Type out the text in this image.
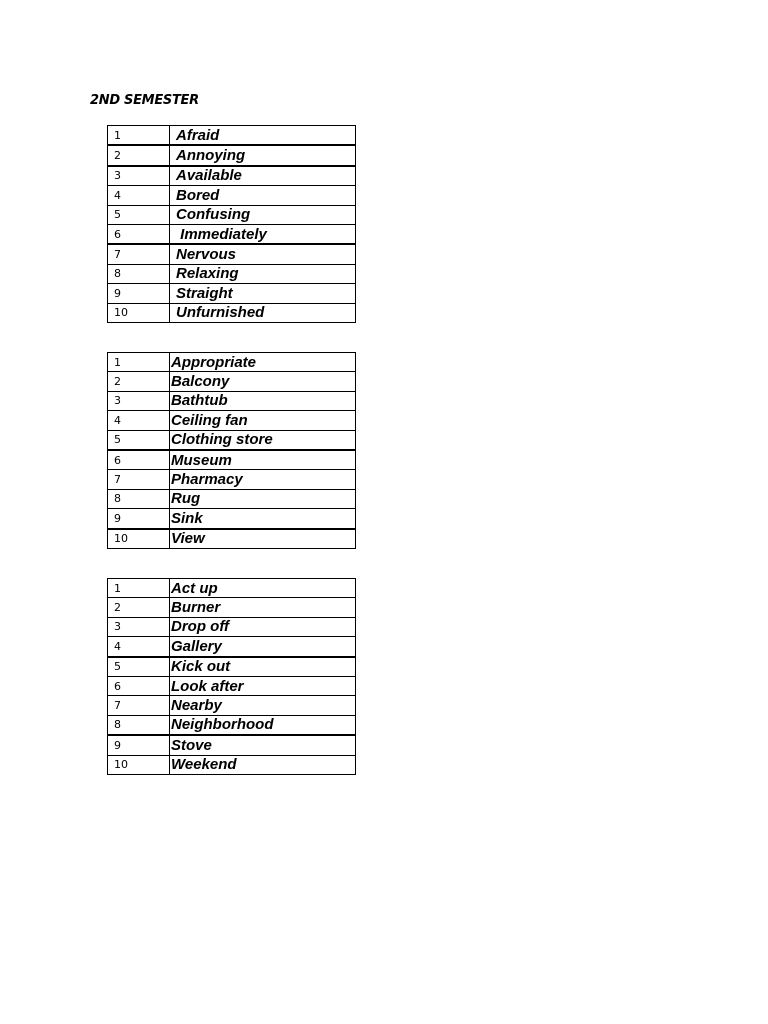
2ND SEMESTER
1	Afraid
2	Annoying
3	Available
4	Bored
5	Confusing
6	Immediately
7	Nervous
8	Relaxing
9	Straight
10	Unfurnished
1	Appropriate
2	Balcony
3	Bathtub
4	Ceiling fan
5	Clothing store
6	Museum
7	Pharmacy
8	Rug
9	Sink
10	View
1	Act up
2	Burner
3	Drop off
4	Gallery
5	Kick out
6	Look after
7	Nearby
8	Neighborhood
9	Stove
10	Weekend
